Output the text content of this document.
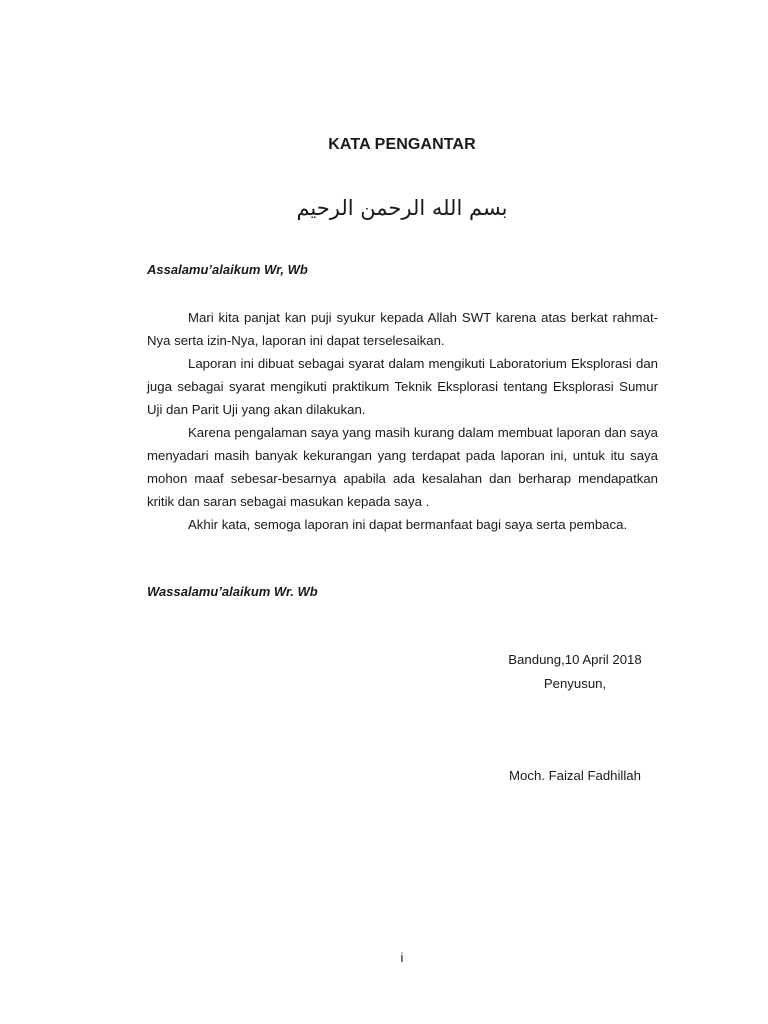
KATA PENGANTAR
بسم الله الرحمن الرحيم
Assalamu’alaikum Wr, Wb

Mari kita panjat kan puji syukur kepada Allah SWT karena atas berkat rahmat-Nya serta izin-Nya, laporan ini dapat terselesaikan.

Laporan ini dibuat sebagai syarat dalam mengikuti Laboratorium Eksplorasi dan juga sebagai syarat mengikuti praktikum Teknik Eksplorasi tentang Eksplorasi Sumur Uji dan Parit Uji yang akan dilakukan.

Karena pengalaman saya yang masih kurang dalam membuat laporan dan saya menyadari masih banyak kekurangan yang terdapat pada laporan ini, untuk itu saya mohon maaf sebesar-besarnya apabila ada kesalahan dan berharap mendapatkan kritik dan saran sebagai masukan kepada saya .

Akhir kata, semoga laporan ini dapat bermanfaat bagi saya serta pembaca.

Wassalamu’alaikum Wr. Wb
Bandung,10 April 2018
Penyusun,
Moch. Faizal Fadhillah
i
